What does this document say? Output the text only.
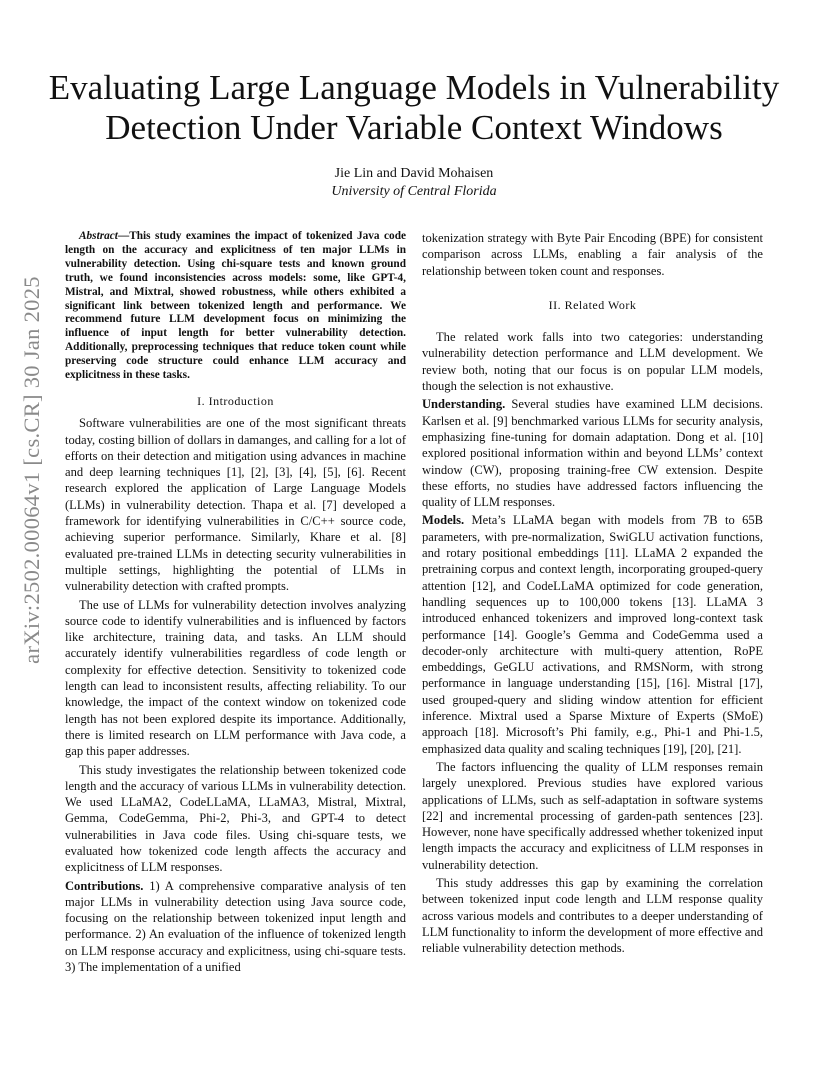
arXiv:2502.00064v1 [cs.CR] 30 Jan 2025
Evaluating Large Language Models in Vulnerability
Detection Under Variable Context Windows
Jie Lin and David Mohaisen
University of Central Florida

Abstract—This study examines the impact of tokenized Java code length on the accuracy and explicitness of ten major LLMs in vulnerability detection. Using chi-square tests and known ground truth, we found inconsistencies across models: some, like GPT-4, Mistral, and Mixtral, showed robustness, while others exhibited a significant link between tokenized length and performance. We recommend future LLM development focus on minimizing the influence of input length for better vulnerability detection. Additionally, preprocessing techniques that reduce token count while preserving code structure could enhance LLM accuracy and explicitness in these tasks.

I. Introduction

Software vulnerabilities are one of the most significant threats today, costing billion of dollars in damanges, and calling for a lot of efforts on their detection and mitigation using advances in machine and deep learning techniques [1], [2], [3], [4], [5], [6]. Recent research explored the application of Large Language Models (LLMs) in vulnerability detection. Thapa et al. [7] developed a framework for identifying vulnerabilities in C/C++ source code, achieving superior performance. Similarly, Khare et al. [8] evaluated pre-trained LLMs in detecting security vulnerabilities in multiple settings, highlighting the potential of LLMs in vulnerability detection with crafted prompts.

The use of LLMs for vulnerability detection involves analyzing source code to identify vulnerabilities and is influenced by factors like architecture, training data, and tasks. An LLM should accurately identify vulnerabilities regardless of code length or complexity for effective detection. Sensitivity to tokenized code length can lead to inconsistent results, affecting reliability. To our knowledge, the impact of the context window on tokenized code length has not been explored despite its importance. Additionally, there is limited research on LLM performance with Java code, a gap this paper addresses.

This study investigates the relationship between tokenized code length and the accuracy of various LLMs in vulnerability detection. We used LLaMA2, CodeLLaMA, LLaMA3, Mistral, Mixtral, Gemma, CodeGemma, Phi-2, Phi-3, and GPT-4 to detect vulnerabilities in Java code files. Using chi-square tests, we evaluated how tokenized code length affects the accuracy and explicitness of LLM responses.

Contributions. 1) A comprehensive comparative analysis of ten major LLMs in vulnerability detection using Java source code, focusing on the relationship between tokenized input length and performance. 2) An evaluation of the influence of tokenized length on LLM response accuracy and explicitness, using chi-square tests. 3) The implementation of a unified

tokenization strategy with Byte Pair Encoding (BPE) for consistent comparison across LLMs, enabling a fair analysis of the relationship between token count and responses.

II. Related Work

The related work falls into two categories: understanding vulnerability detection performance and LLM development. We review both, noting that our focus is on popular LLM models, though the selection is not exhaustive.

Understanding. Several studies have examined LLM decisions. Karlsen et al. [9] benchmarked various LLMs for security analysis, emphasizing fine-tuning for domain adaptation. Dong et al. [10] explored positional information within and beyond LLMs’ context window (CW), proposing training-free CW extension. Despite these efforts, no studies have addressed factors influencing the quality of LLM responses.

Models. Meta’s LLaMA began with models from 7B to 65B parameters, with pre-normalization, SwiGLU activation functions, and rotary positional embeddings [11]. LLaMA 2 expanded the pretraining corpus and context length, incorporating grouped-query attention [12], and CodeLLaMA optimized for code generation, handling sequences up to 100,000 tokens [13]. LLaMA 3 introduced enhanced tokenizers and improved long-context task performance [14]. Google’s Gemma and CodeGemma used a decoder-only architecture with multi-query attention, RoPE embeddings, GeGLU activations, and RMSNorm, with strong performance in language understanding [15], [16]. Mistral [17], used grouped-query and sliding window attention for efficient inference. Mixtral used a Sparse Mixture of Experts (SMoE) approach [18]. Microsoft’s Phi family, e.g., Phi-1 and Phi-1.5, emphasized data quality and scaling techniques [19], [20], [21].

The factors influencing the quality of LLM responses remain largely unexplored. Previous studies have explored various applications of LLMs, such as self-adaptation in software systems [22] and incremental processing of garden-path sentences [23]. However, none have specifically addressed whether tokenized input length impacts the accuracy and explicitness of LLM responses in vulnerability detection.

This study addresses this gap by examining the correlation between tokenized input code length and LLM response quality across various models and contributes to a deeper understanding of LLM functionality to inform the development of more effective and reliable vulnerability detection methods.
